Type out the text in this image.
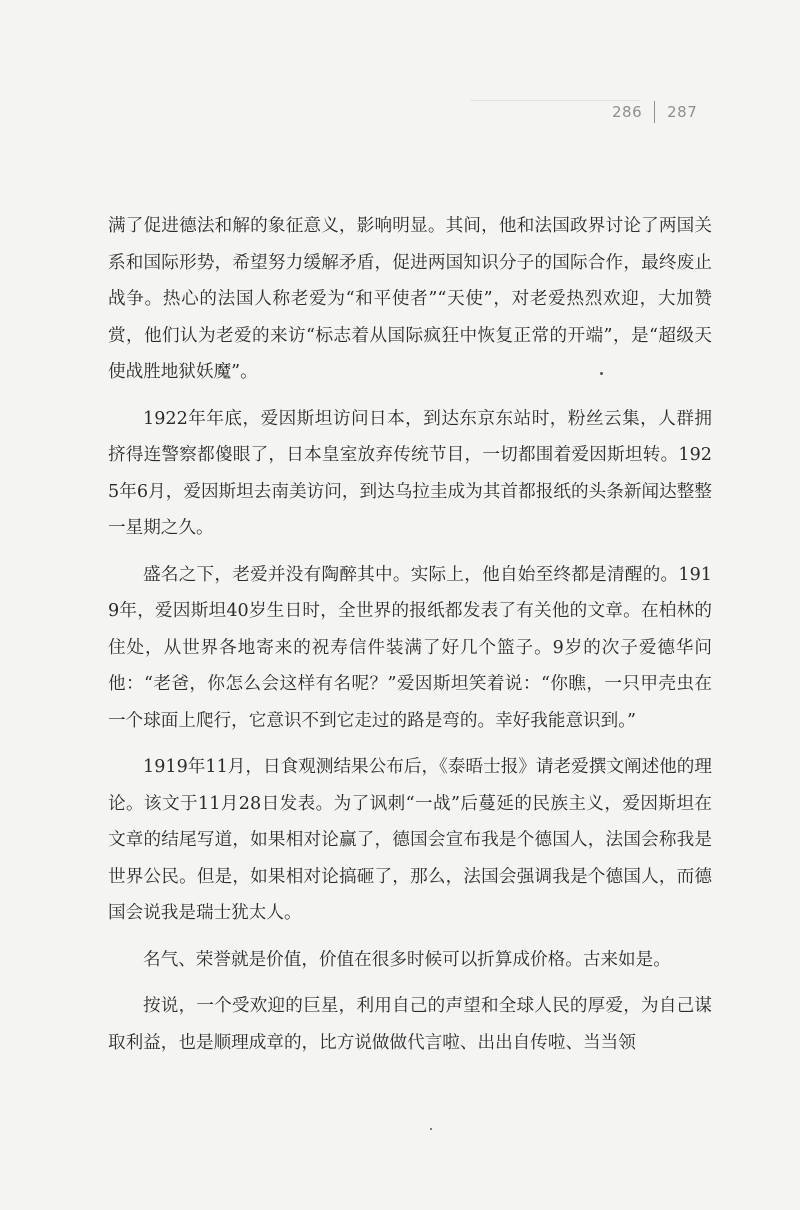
286 287

满了促进德法和解的象征意义，影响明显。其间，他和法国政界讨论了两国关系和国际形势，希望努力缓解矛盾，促进两国知识分子的国际合作，最终废止战争。热心的法国人称老爱为“和平使者”“天使”，对老爱热烈欢迎，大加赞赏，他们认为老爱的来访“标志着从国际疯狂中恢复正常的开端”，是“超级天使战胜地狱妖魔”。

1922年年底，爱因斯坦访问日本，到达东京东站时，粉丝云集，人群拥挤得连警察都傻眼了，日本皇室放弃传统节目，一切都围着爱因斯坦转。1925年6月，爱因斯坦去南美访问，到达乌拉圭成为其首都报纸的头条新闻达整整一星期之久。

盛名之下，老爱并没有陶醉其中。实际上，他自始至终都是清醒的。1919年，爱因斯坦40岁生日时，全世界的报纸都发表了有关他的文章。在柏林的住处，从世界各地寄来的祝寿信件装满了好几个篮子。9岁的次子爱德华问他：“老爸，你怎么会这样有名呢？”爱因斯坦笑着说：“你瞧，一只甲壳虫在一个球面上爬行，它意识不到它走过的路是弯的。幸好我能意识到。”

1919年11月，日食观测结果公布后，《泰晤士报》请老爱撰文阐述他的理论。该文于11月28日发表。为了讽刺“一战”后蔓延的民族主义，爱因斯坦在文章的结尾写道，如果相对论赢了，德国会宣布我是个德国人，法国会称我是世界公民。但是，如果相对论搞砸了，那么，法国会强调我是个德国人，而德国会说我是瑞士犹太人。

名气、荣誉就是价值，价值在很多时候可以折算成价格。古来如是。

按说，一个受欢迎的巨星，利用自己的声望和全球人民的厚爱，为自己谋取利益，也是顺理成章的，比方说做做代言啦、出出自传啦、当当领
